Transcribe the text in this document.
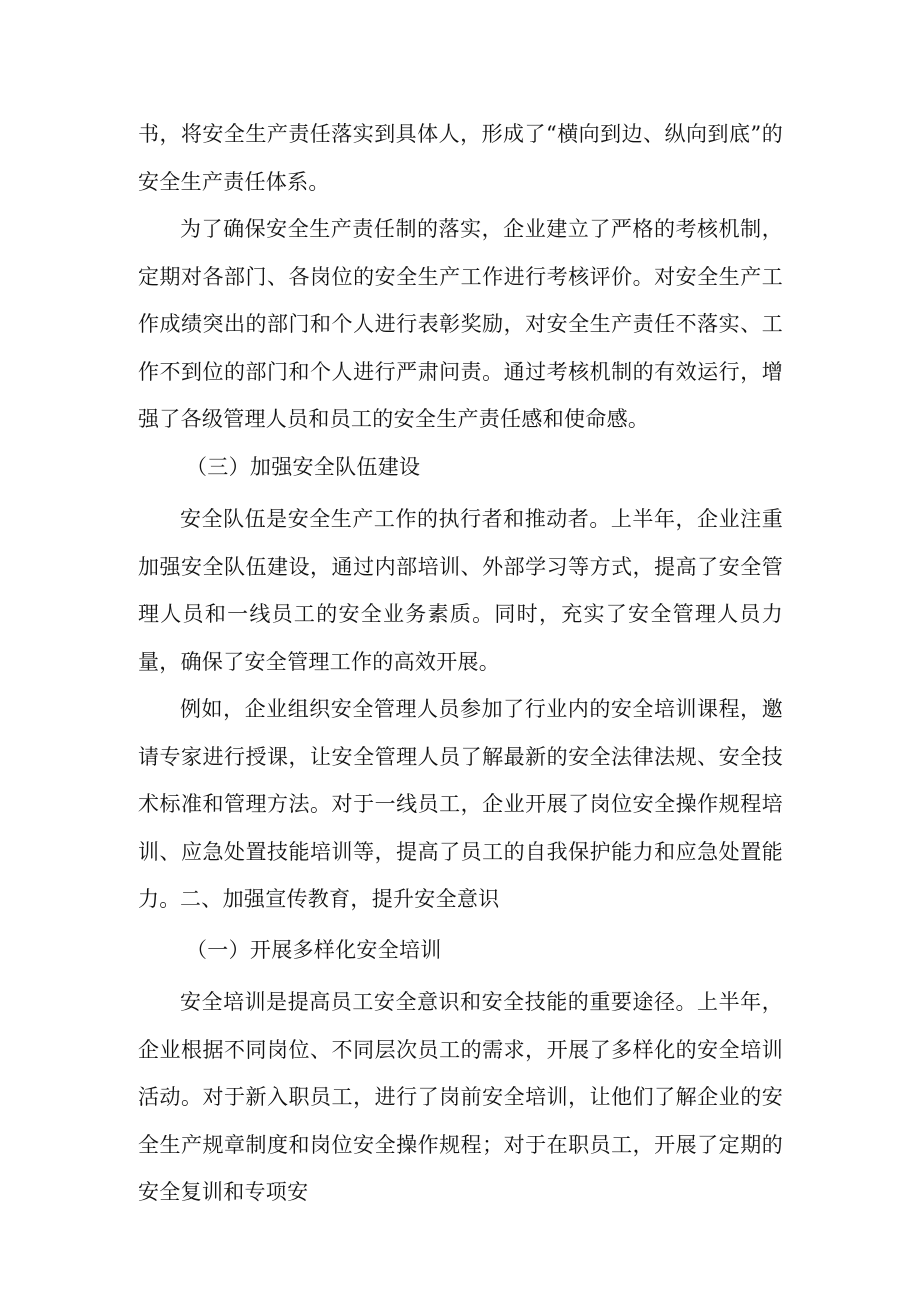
书，将安全生产责任落实到具体人，形成了“横向到边、纵向到底”的安全生产责任体系。

为了确保安全生产责任制的落实，企业建立了严格的考核机制，定期对各部门、各岗位的安全生产工作进行考核评价。对安全生产工作成绩突出的部门和个人进行表彰奖励，对安全生产责任不落实、工作不到位的部门和个人进行严肃问责。通过考核机制的有效运行，增强了各级管理人员和员工的安全生产责任感和使命感。

（三）加强安全队伍建设

安全队伍是安全生产工作的执行者和推动者。上半年，企业注重加强安全队伍建设，通过内部培训、外部学习等方式，提高了安全管理人员和一线员工的安全业务素质。同时，充实了安全管理人员力量，确保了安全管理工作的高效开展。

例如，企业组织安全管理人员参加了行业内的安全培训课程，邀请专家进行授课，让安全管理人员了解最新的安全法律法规、安全技术标准和管理方法。对于一线员工，企业开展了岗位安全操作规程培训、应急处置技能培训等，提高了员工的自我保护能力和应急处置能力。 二、加强宣传教育，提升安全意识
（一）开展多样化安全培训

安全培训是提高员工安全意识和安全技能的重要途径。上半年，企业根据不同岗位、不同层次员工的需求，开展了多样化的安全培训活动。对于新入职员工，进行了岗前安全培训，让他们了解企业的安全生产规章制度和岗位安全操作规程；对于在职员工，开展了定期的安全复训和专项安
